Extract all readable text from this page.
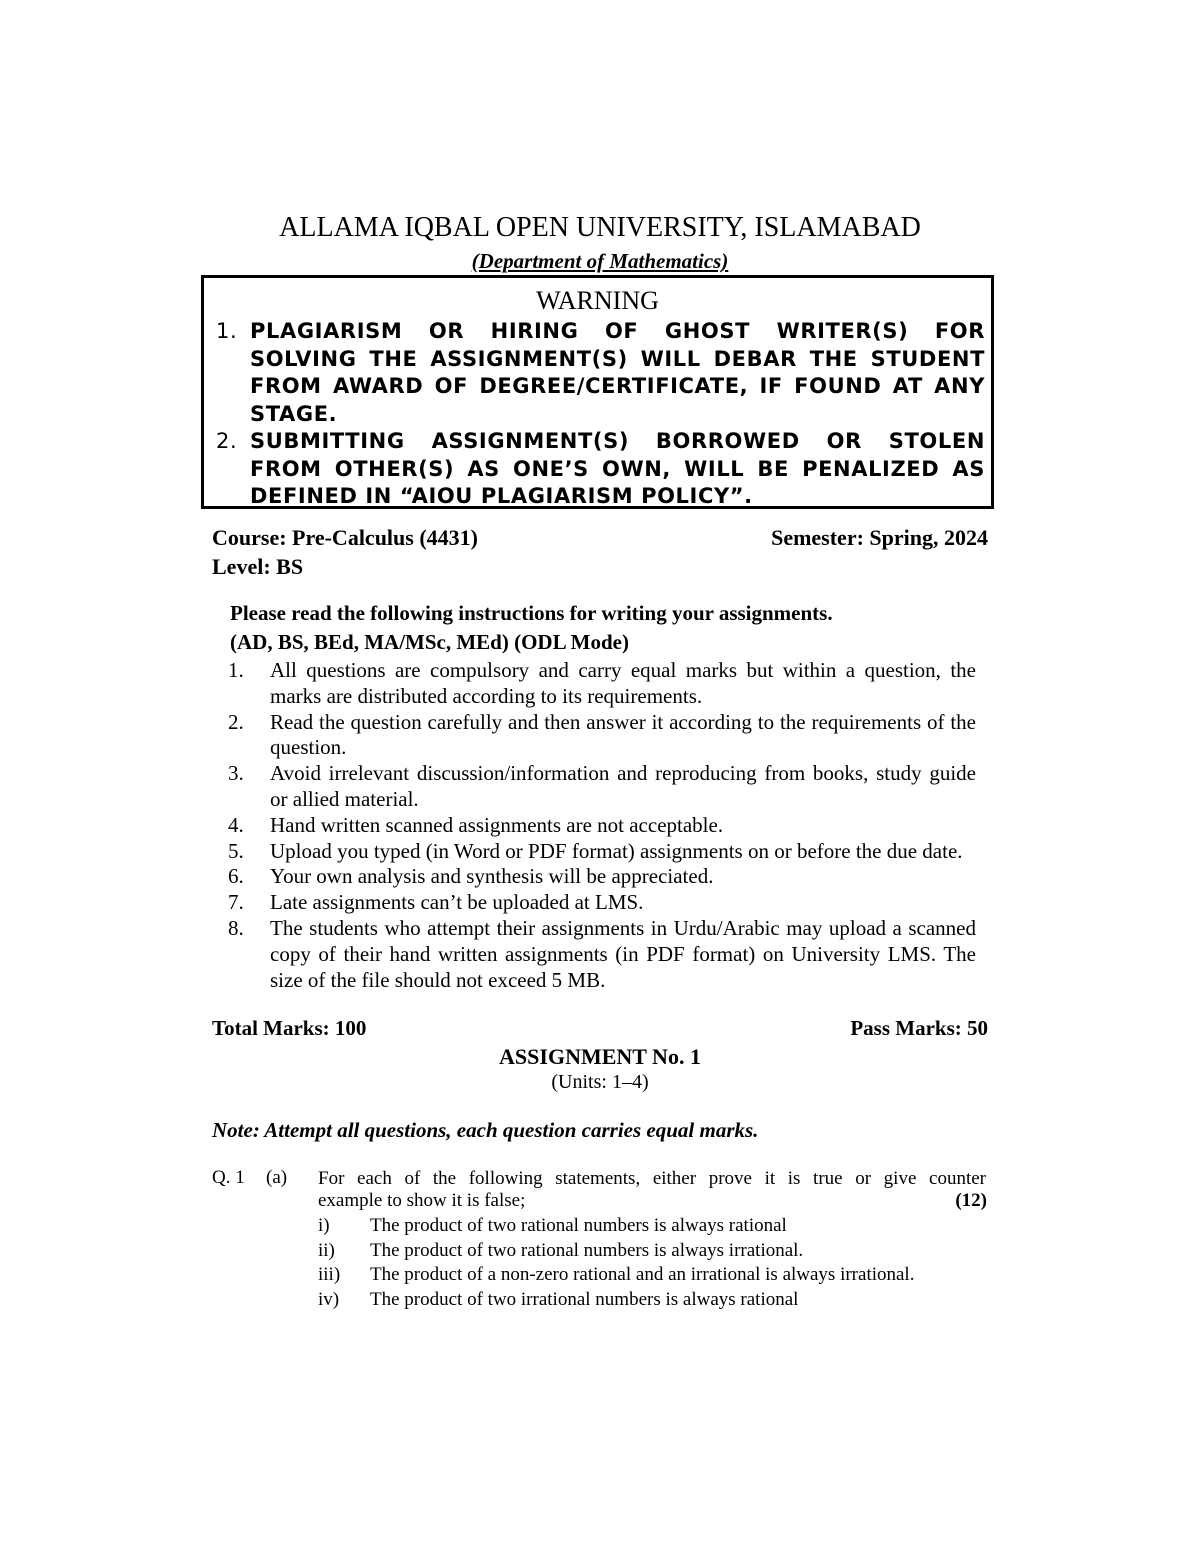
ALLAMA IQBAL OPEN UNIVERSITY, ISLAMABAD
(Department of Mathematics)
WARNING
1. PLAGIARISM OR HIRING OF GHOST WRITER(S) FOR SOLVING THE ASSIGNMENT(S) WILL DEBAR THE STUDENT FROM AWARD OF DEGREE/CERTIFICATE, IF FOUND AT ANY STAGE.
2. SUBMITTING ASSIGNMENT(S) BORROWED OR STOLEN FROM OTHER(S) AS ONE’S OWN, WILL BE PENALIZED AS DEFINED IN “AIOU PLAGIARISM POLICY”.
Course: Pre-Calculus (4431)	Semester: Spring, 2024
Level: BS
Please read the following instructions for writing your assignments.
(AD, BS, BEd, MA/MSc, MEd) (ODL Mode)
1. All questions are compulsory and carry equal marks but within a question, the marks are distributed according to its requirements.
2. Read the question carefully and then answer it according to the requirements of the question.
3. Avoid irrelevant discussion/information and reproducing from books, study guide or allied material.
4. Hand written scanned assignments are not acceptable.
5. Upload you typed (in Word or PDF format) assignments on or before the due date.
6. Your own analysis and synthesis will be appreciated.
7. Late assignments can’t be uploaded at LMS.
8. The students who attempt their assignments in Urdu/Arabic may upload a scanned copy of their hand written assignments (in PDF format) on University LMS. The size of the file should not exceed 5 MB.
Total Marks: 100	Pass Marks: 50
ASSIGNMENT No. 1
(Units: 1–4)
Note: Attempt all questions, each question carries equal marks.
Q. 1 (a) For each of the following statements, either prove it is true or give counter
example to show it is false;	(12)
i) The product of two rational numbers is always rational
ii) The product of two rational numbers is always irrational.
iii) The product of a non-zero rational and an irrational is always irrational.
iv) The product of two irrational numbers is always rational
